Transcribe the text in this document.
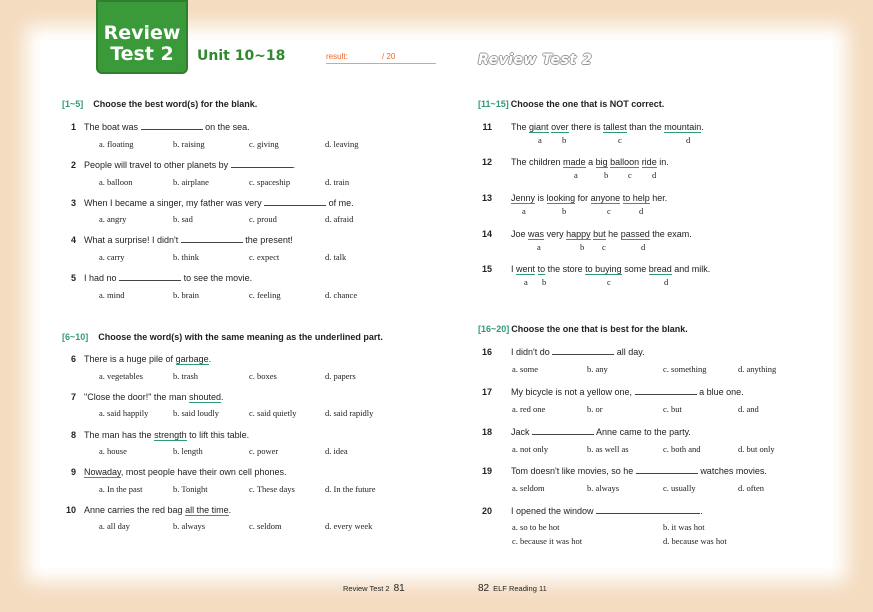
Review
Test 2	Unit 10~18	result:	/ 20	Review Test 2
[1~5] Choose the best word(s) for the blank.
[6~10] Choose the word(s) with the same meaning as the underlined part.
[11~15] Choose the one that is NOT correct.
[16~20] Choose the one that is best for the blank.
1 The boat was	on the sea.
a. floating	b. raising	c. giving	d. leaving
2 People will travel to other planets by	.
a. balloon	b. airplane	c. spaceship	d. train
3 When I became a singer, my father was very	of me.
a. angry	b. sad	c. proud	d. afraid
4 What a surprise! I didn't	the present!
a. carry	b. think	c. expect	d. talk
5 I had no	to see the movie.
a. mind	b. brain	c. feeling	d. chance
6 There is a huge pile of garbage.
a. vegetables	b. trash	c. boxes	d. papers
7 "Close the door!" the man shouted.
a. said happily	b. said loudly	c. said quietly	d. said rapidly
8 The man has the strength to lift this table.
a. house	b. length	c. power	d. idea
9 Nowaday, most people have their own cell phones.
a. In the past	b. Tonight	c. These days	d. In the future
10 Anne carries the red bag all the time.
a. all day	b. always	c. seldom	d. every week
11 The giant over there is tallest than the mountain.
a b	c	d
12 The children made a big balloon ride in.
a	b c d
13 Jenny is looking for anyone to help her.
a	b	c	d
14 Joe was very happy but he passed the exam.
a	b c	d
15 I went to the store to buying some bread and milk.
a b	c	d
16 I didn't do	all day.
a. some	b. any	c. something	d. anything
17 My bicycle is not a yellow one,	a blue one.
a. red one	b. or	c. but	d. and
18 Jack	Anne came to the party.
a. not only	b. as well as	c. both and	d. but only
19 Tom doesn't like movies, so he	watches movies.
a. seldom	b. always	c. usually	d. often
20 I opened the window	.
a. so to be hot	b. it was hot
c. because it was hot	d. because was hot
Review Test 2 81	82 ELF Reading 11
